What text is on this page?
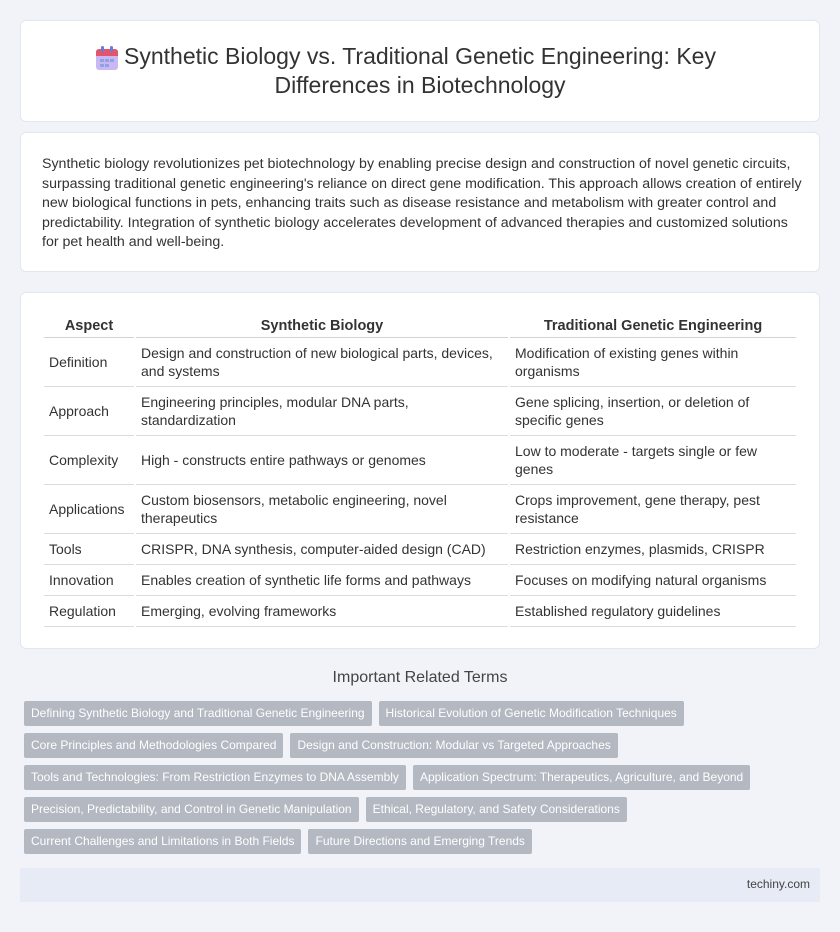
Synthetic Biology vs. Traditional Genetic Engineering: Key Differences in Biotechnology

Synthetic biology revolutionizes pet biotechnology by enabling precise design and construction of novel genetic circuits, surpassing traditional genetic engineering's reliance on direct gene modification. This approach allows creation of entirely new biological functions in pets, enhancing traits such as disease resistance and metabolism with greater control and predictability. Integration of synthetic biology accelerates development of advanced therapies and customized solutions for pet health and well-being.

Aspect	Synthetic Biology	Traditional Genetic Engineering
Definition	Design and construction of new biological parts, devices, and systems	Modification of existing genes within organisms
Approach	Engineering principles, modular DNA parts, standardization	Gene splicing, insertion, or deletion of specific genes
Complexity	High - constructs entire pathways or genomes	Low to moderate - targets single or few genes
Applications	Custom biosensors, metabolic engineering, novel therapeutics	Crops improvement, gene therapy, pest resistance
Tools	CRISPR, DNA synthesis, computer-aided design (CAD)	Restriction enzymes, plasmids, CRISPR
Innovation	Enables creation of synthetic life forms and pathways	Focuses on modifying natural organisms
Regulation	Emerging, evolving frameworks	Established regulatory guidelines
Important Related Terms
Defining Synthetic Biology and Traditional Genetic Engineering	Historical Evolution of Genetic Modification Techniques
Core Principles and Methodologies Compared	Design and Construction: Modular vs Targeted Approaches
Tools and Technologies: From Restriction Enzymes to DNA Assembly	Application Spectrum: Therapeutics, Agriculture, and Beyond
Precision, Predictability, and Control in Genetic Manipulation	Ethical, Regulatory, and Safety Considerations
Current Challenges and Limitations in Both Fields	Future Directions and Emerging Trends
techiny.com
